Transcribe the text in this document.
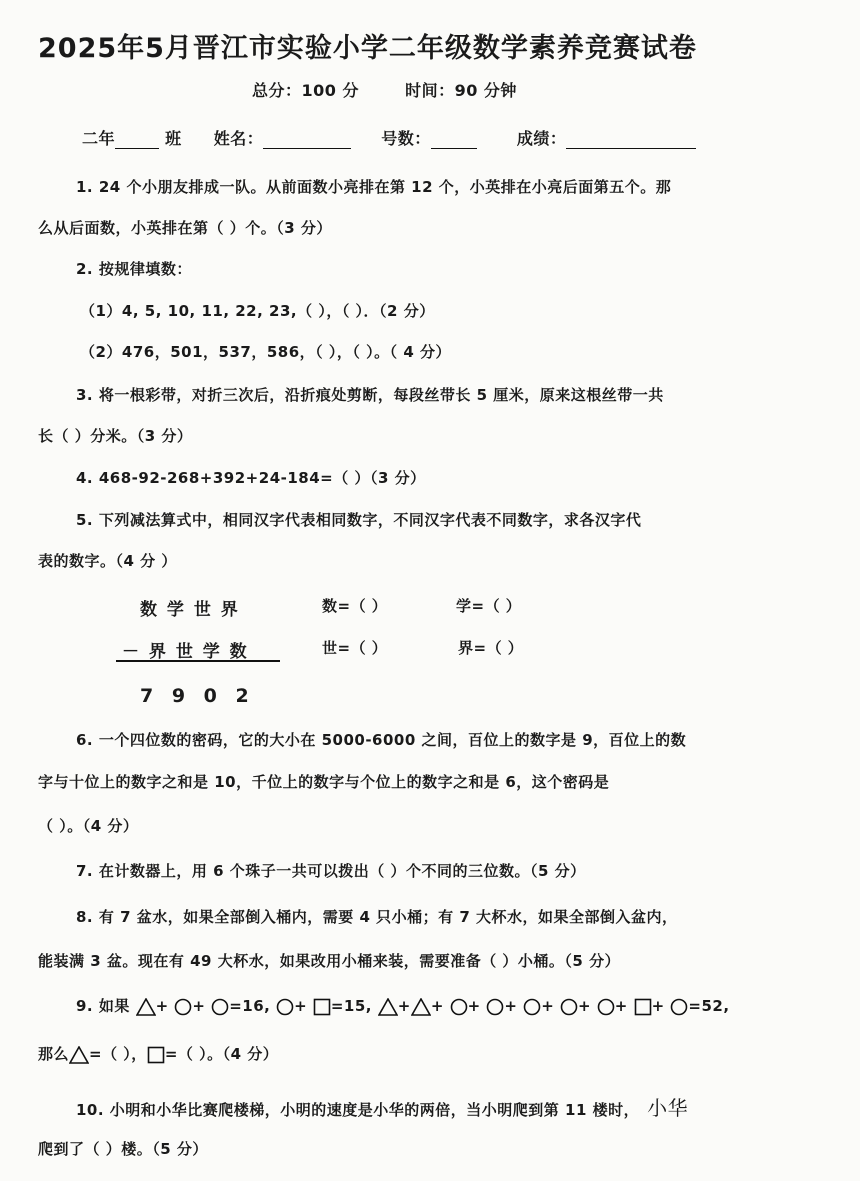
2025年5月晋江市实验小学二年级数学素养竞赛试卷
总分：100 分	时间：90 分钟
二年	班 姓名：	号数：	成绩：
1. 24 个小朋友排成一队。从前面数小亮排在第 12 个，小英排在小亮后面第五个。那
么从后面数，小英排在第（ ）个。（3 分）
2. 按规律填数：
（1）4, 5, 10, 11, 22, 23,（ ），（ ）．（2 分）
（2）476，501，537，586，（ ），（ ）。（ 4 分）
3. 将一根彩带，对折三次后，沿折痕处剪断，每段丝带长 5 厘米，原来这根丝带一共
长（ ）分米。（3 分）
4. 468-92-268+392+24-184=（ ）（3 分）
5. 下列减法算式中，相同汉字代表相同数字，不同汉字代表不同数字，求各汉字代
表的数字。（4 分 ）
数 学 世 界
－ 界 世 学 数
7 9 0 2
数=（ ）	学=（ ）
世=（ ）	界=（ ）
6. 一个四位数的密码，它的大小在 5000-6000 之间，百位上的数字是 9，百位上的数
字与十位上的数字之和是 10，千位上的数字与个位上的数字之和是 6，这个密码是
（ ）。（4 分）
7. 在计数器上，用 6 个珠子一共可以拨出（ ）个不同的三位数。（5 分）
8. 有 7 盆水，如果全部倒入桶内，需要 4 只小桶；有 7 大杯水，如果全部倒入盆内，
能装满 3 盆。现在有 49 大杯水，如果改用小桶来装，需要准备（ ）小桶。（5 分）
9. 如果 + + =16, + =15, + + + + + + + + =52,
那么 =（ ）， =（ ）。（4 分）
10. 小明和小华比赛爬楼梯，小明的速度是小华的两倍，当小明爬到第 11 楼时， 小华
爬到了（ ）楼。（5 分）
